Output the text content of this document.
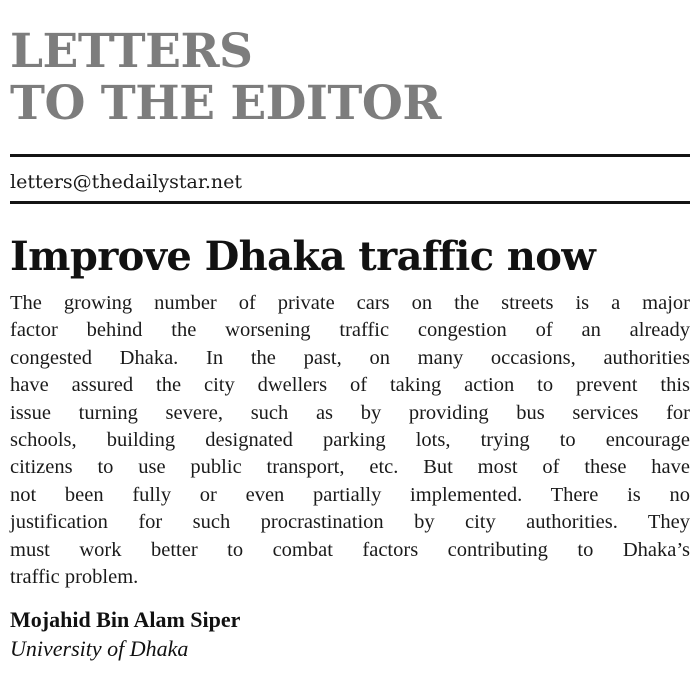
LETTERS
TO THE EDITOR
letters@thedailystar.net
Improve Dhaka traffic now
The growing number of private cars on the streets is a major
factor behind the worsening traffic congestion of an already
congested Dhaka. In the past, on many occasions, authorities
have assured the city dwellers of taking action to prevent this
issue turning severe, such as by providing bus services for
schools, building designated parking lots, trying to encourage
citizens to use public transport, etc. But most of these have
not been fully or even partially implemented. There is no
justification for such procrastination by city authorities. They
must work better to combat factors contributing to Dhaka’s
traffic problem.
Mojahid Bin Alam Siper
University of Dhaka
